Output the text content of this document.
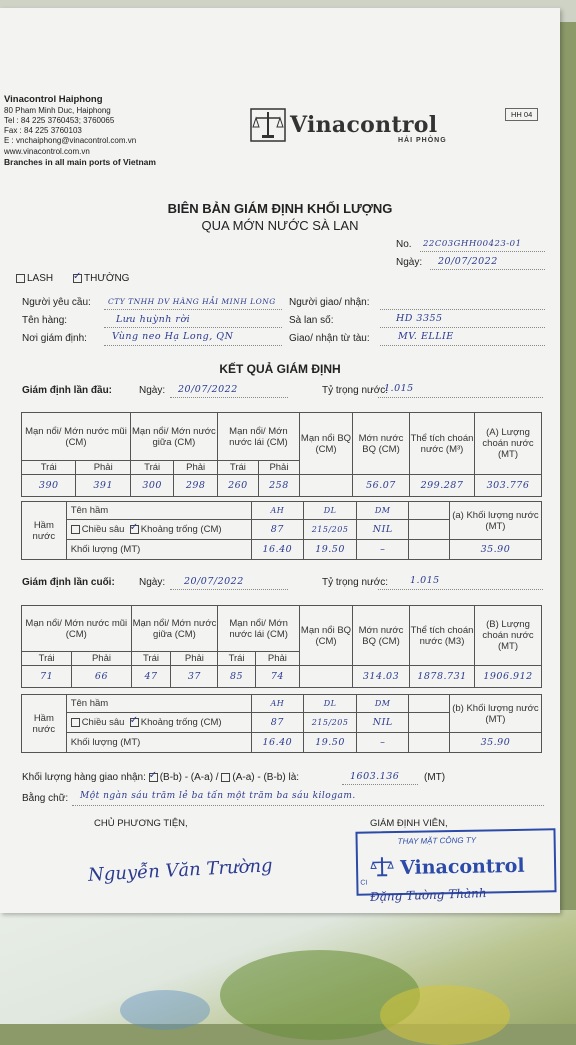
Vinacontrol Haiphong
80 Pham Minh Duc, Haiphong
Tel : 84 225 3760453; 3760065
Fax : 84 225 3760103
E : vnchaiphong@vinacontrol.com.vn
www.vinacontrol.com.vn
Branches in all main ports of Vietnam
Vinacontrol
HẢI PHÒNG
HH 04
BIÊN BẢN GIÁM ĐỊNH KHỐI LƯỢNG
QUA MỚN NƯỚC SÀ LAN
No. 22C03GHH00423-01
Ngày: 20/07/2022
LASH ✓	THƯỜNG
Người yêu cầu: CTY TNHH DV HÀNG HẢI MINH LONG Người giao/ nhận:
Tên hàng:	Lưu huỳnh rời	Sà lan số:	HD 3355
Nơi giám định:	Vùng neo Hạ Long, QN	Giao/ nhận từ tàu:	MV. ELLIE
KẾT QUẢ GIÁM ĐỊNH
Giám định lần đầu:	Ngày: 20/07/2022	Tỷ trọng nước:
1.015
Mạn nổi/ Mớn nước mũi (CM)		Mạn nổi/ Mớn nước giữa (CM)		Mạn nổi/ Mớn nước lái (CM)		Mạn nổi BQ (CM)	Mớn nước BQ (CM)	Thể tích choán nước (M³)	(A) Lượng choán nước (MT)
Trái	Phải	Trái	Phải	Trái	Phải				
390	391	300	298	260	258		56.07	299.287	303.776
Hầm nước	Tên hầm	AH	DL	DM		(a) Khối lượng nước (MT)
	Chiều sâu ✓ Khoảng trống (CM)	87	215/205	NIL		
	Khối lượng (MT)	16.40	19.50	–		35.90
Giám định lần cuối: Ngày: 20/07/2022	Tỷ trọng nước: 1.015
Mạn nổi/ Mớn nước mũi (CM)		Mạn nổi/ Mớn nước giữa (CM)		Mạn nổi/ Mớn nước lái (CM)		Mạn nổi BQ (CM)	Mớn nước BQ (CM)	Thể tích choán nước (M3)	(B) Lượng choán nước (MT)
Trái	Phải	Trái	Phải	Trái	Phải				
71	66	47	37	85	74		314.03	1878.731	1906.912
Hầm nước	Tên hầm	AH	DL	DM		(b) Khối lượng nước (MT)
	Chiều sâu ✓ Khoảng trống (CM)	87	215/205	NIL		
	Khối lượng (MT)	16.40	19.50	–		35.90
Khối lượng hàng giao nhận: ✓ (B-b) - (A-a) / (A-a) - (B-b) là:	1603.136 (MT)
Bằng chữ: Một ngàn sáu trăm lẻ ba tấn một trăm ba sáu kilogam.
CHỦ PHƯƠNG TIỆN,	GIÁM ĐỊNH VIÊN,
Nguyễn Văn Trường
THAY MẶT CÔNG TY
Vinacontrol
CI
Đặng Tường Thành
